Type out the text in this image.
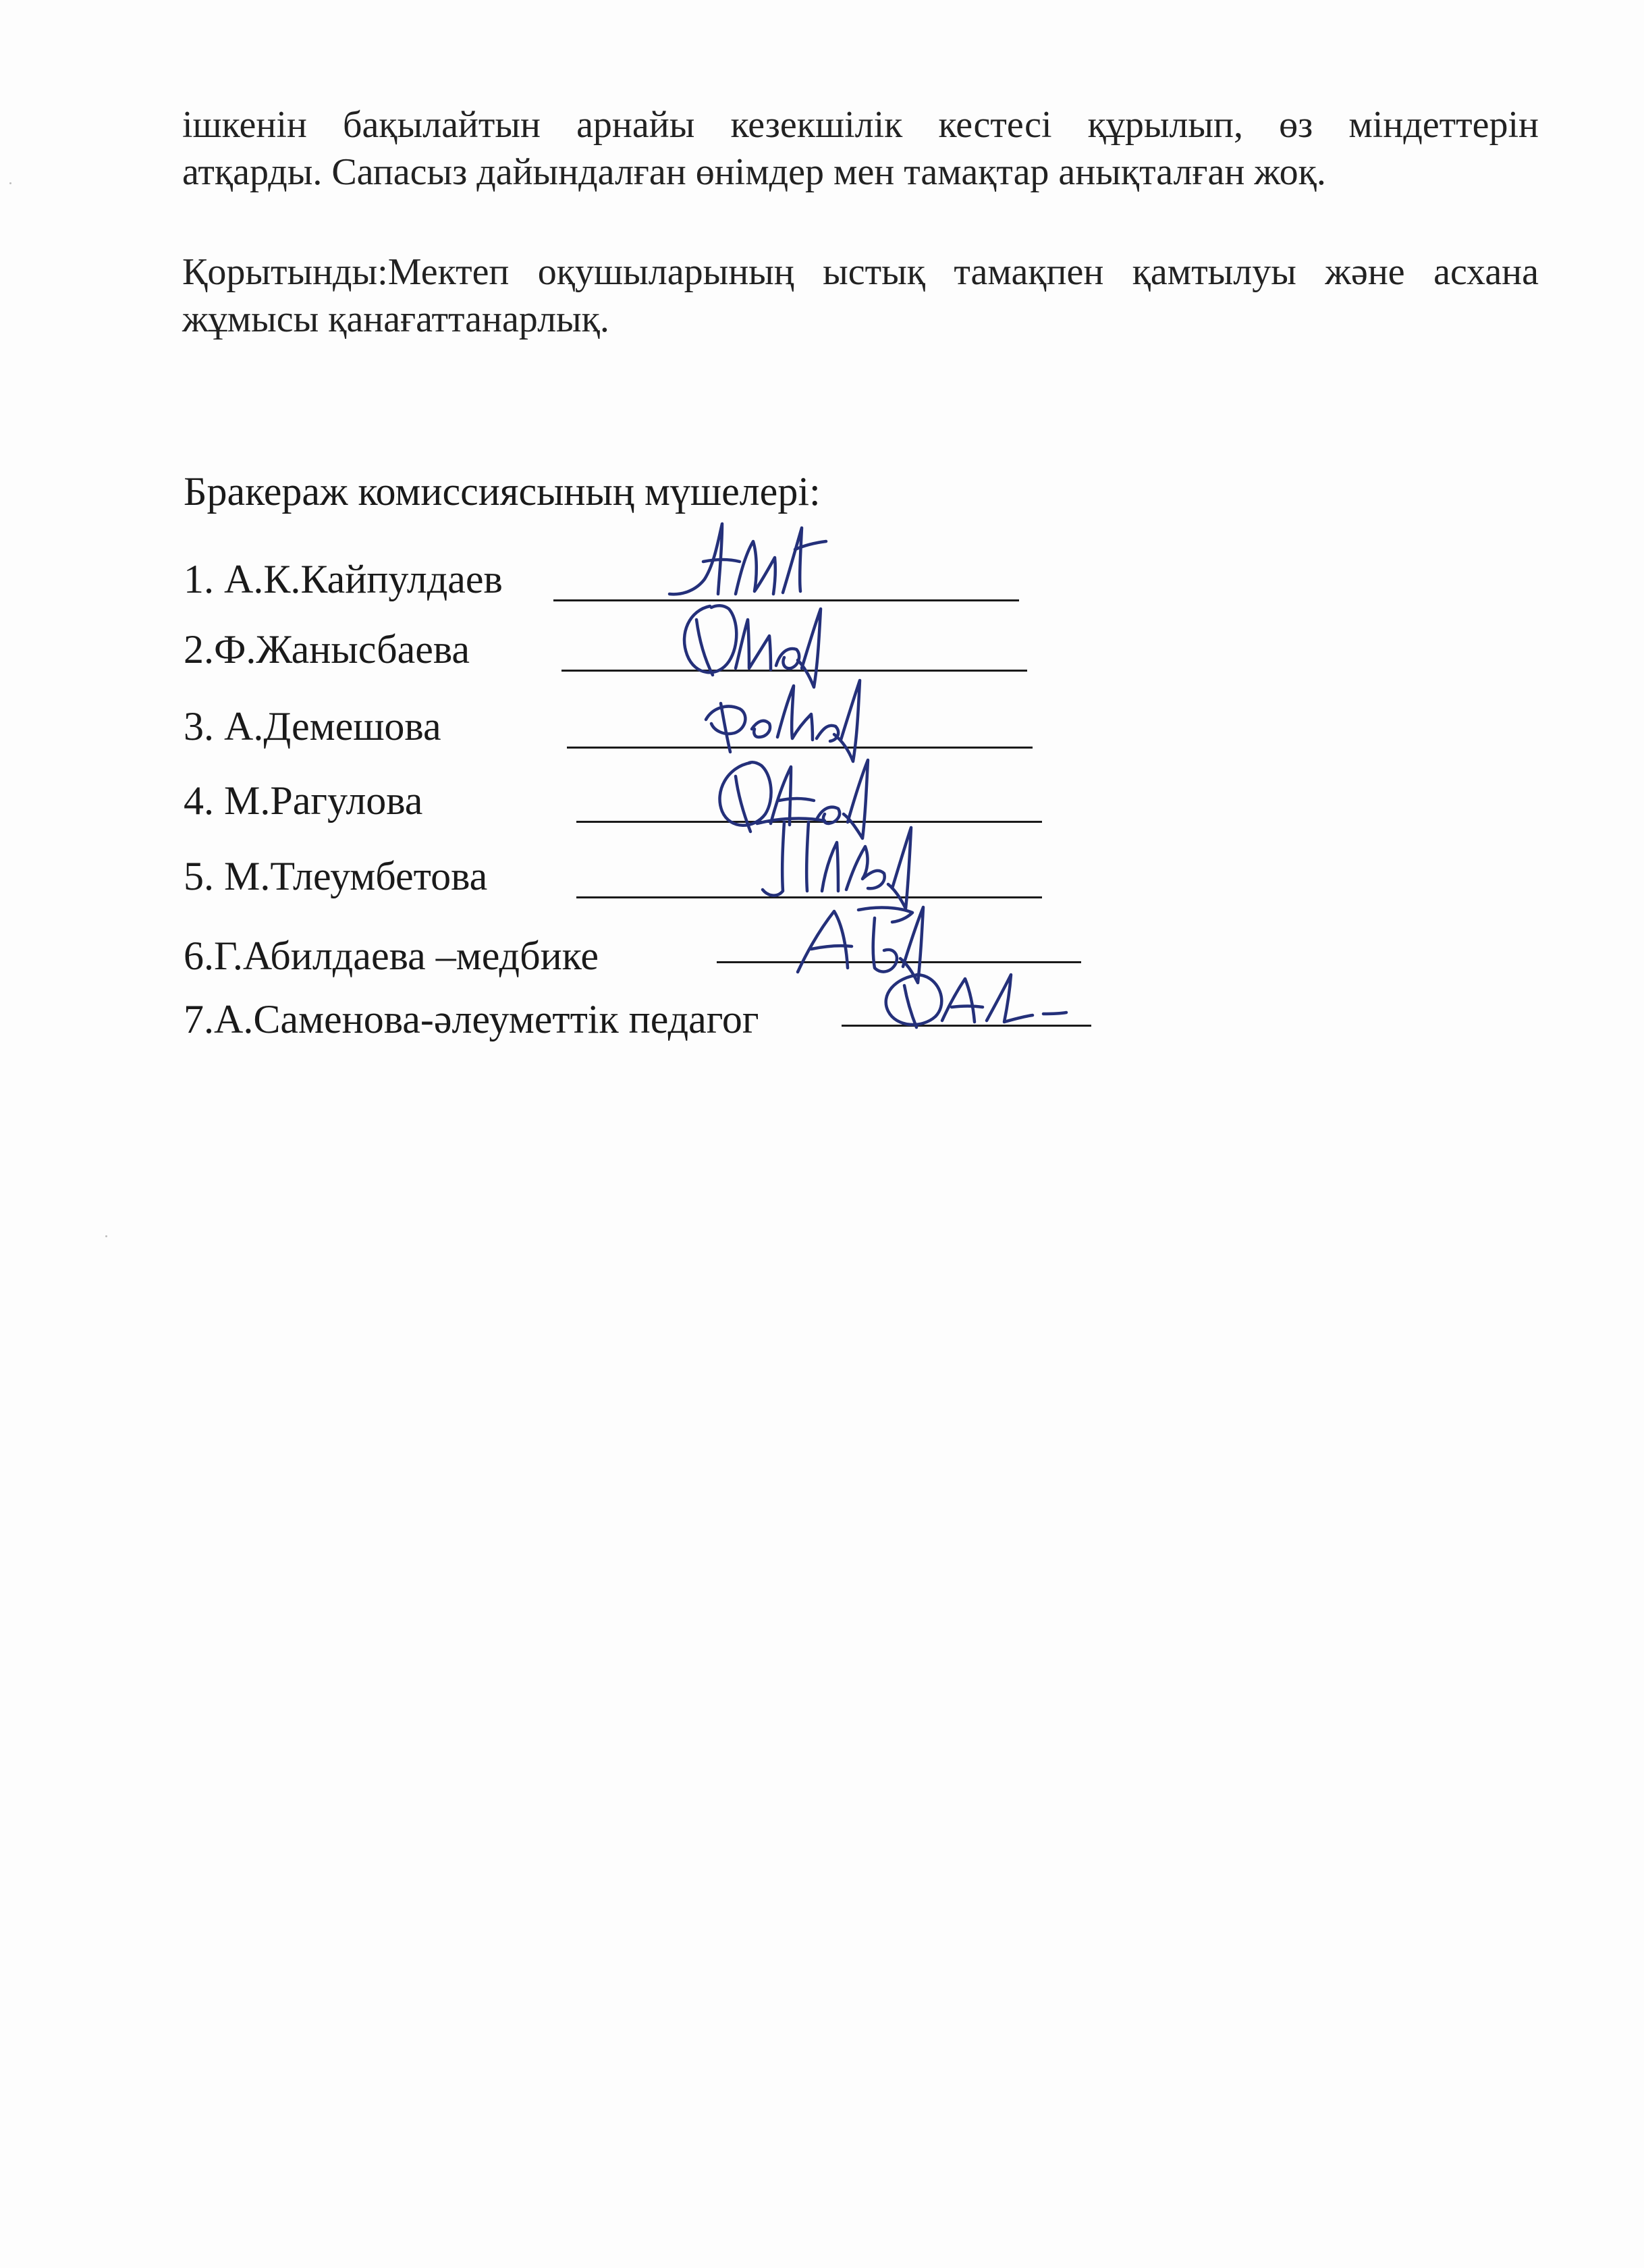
ішкенін бақылайтын арнайы кезекшілік кестесі құрылып, өз міндеттерін
атқарды. Сапасыз дайындалған өнімдер мен тамақтар анықталған жоқ.
Қорытынды:Мектеп оқушыларының ыстық тамақпен қамтылуы және асхана
жұмысы қанағаттанарлық.
Бракераж комиссиясының мүшелері:
1. А.К.Кайпулдаев
2.Ф.Жанысбаева
3. А.Демешова
4. М.Рагулова
5. М.Тлеумбетова
6.Г.Абилдаева –медбике
7.А.Саменова-әлеуметтік педагог
